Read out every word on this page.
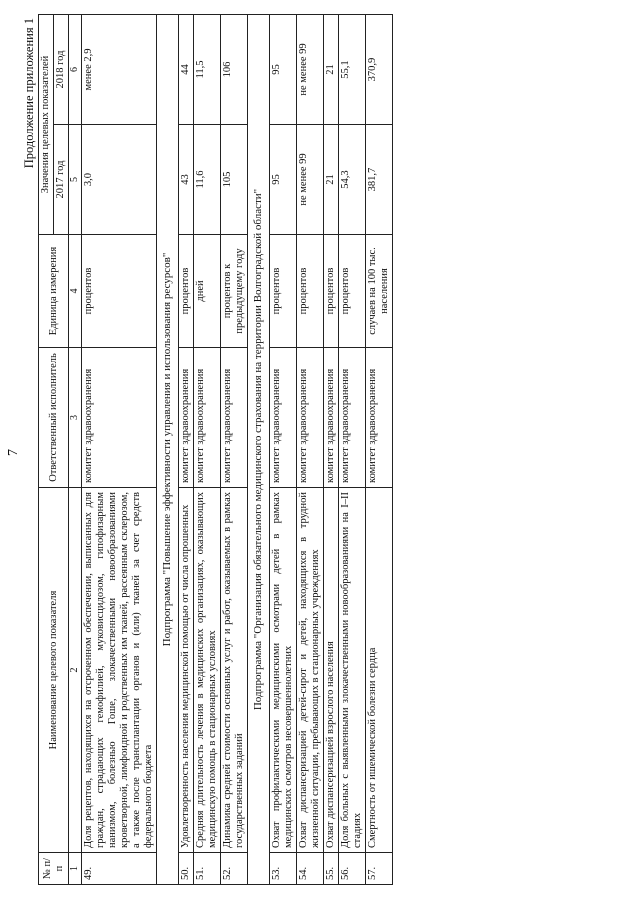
7
Продолжение приложения 1
№ п/п	Наименование целевого показателя	Ответственный исполнитель	Единица измерения	Значения целевых показателей	
				2017 год	2018 год
1	2	3	4	5	6
49.	Доля рецептов, находящихся на отсроченном обеспечении, выписанных для граждан, страдающих гемофилией, муковисцидозом, гипофизарным нанизмом, болезнью Гоше, злокачественными новообразованиями кроветворной, лимфоидной и родственных им тканей, рассеянным склерозом, а также после трансплантации органов и (или) тканей за счет средств федерального бюджета	комитет здравоохранения	процентов	3,0	менее 2,9
Подпрограмма "Повышение эффективности управления и использования ресурсов"					
50.	Удовлетворенность населения медицинской помощью от числа опрошенных	комитет здравоохранения	процентов	43	44
51.	Средняя длительность лечения в медицинских организациях, оказывающих медицинскую помощь в стационарных условиях	комитет здравоохранения	дней	11,6	11,5
52.	Динамика средней стоимости основных услуг и работ, оказываемых в рамках государственных заданий	комитет здравоохранения	процентов к предыдущему году	105	106
Подпрограмма "Организация обязательного медицинского страхования на территории Волгоградской области"					
53.	Охват профилактическими медицинскими осмотрами детей в рамках медицинских осмотров несовершеннолетних	комитет здравоохранения	процентов	95	95
54.	Охват диспансеризацией детей-сирот и детей, находящихся в трудной жизненной ситуации, пребывающих в стационарных учреждениях	комитет здравоохранения	процентов	не менее 99	не менее 99
55.	Охват диспансеризацией взрослого населения	комитет здравоохранения	процентов	21	21
56.	Доля больных с выявленными злокачественными новообразованиями на I–II стадиях	комитет здравоохранения	процентов	54,3	55,1
57.	Смертность от ишемической болезни сердца	комитет здравоохранения	случаев на 100 тыс. населения	381,7	370,9
